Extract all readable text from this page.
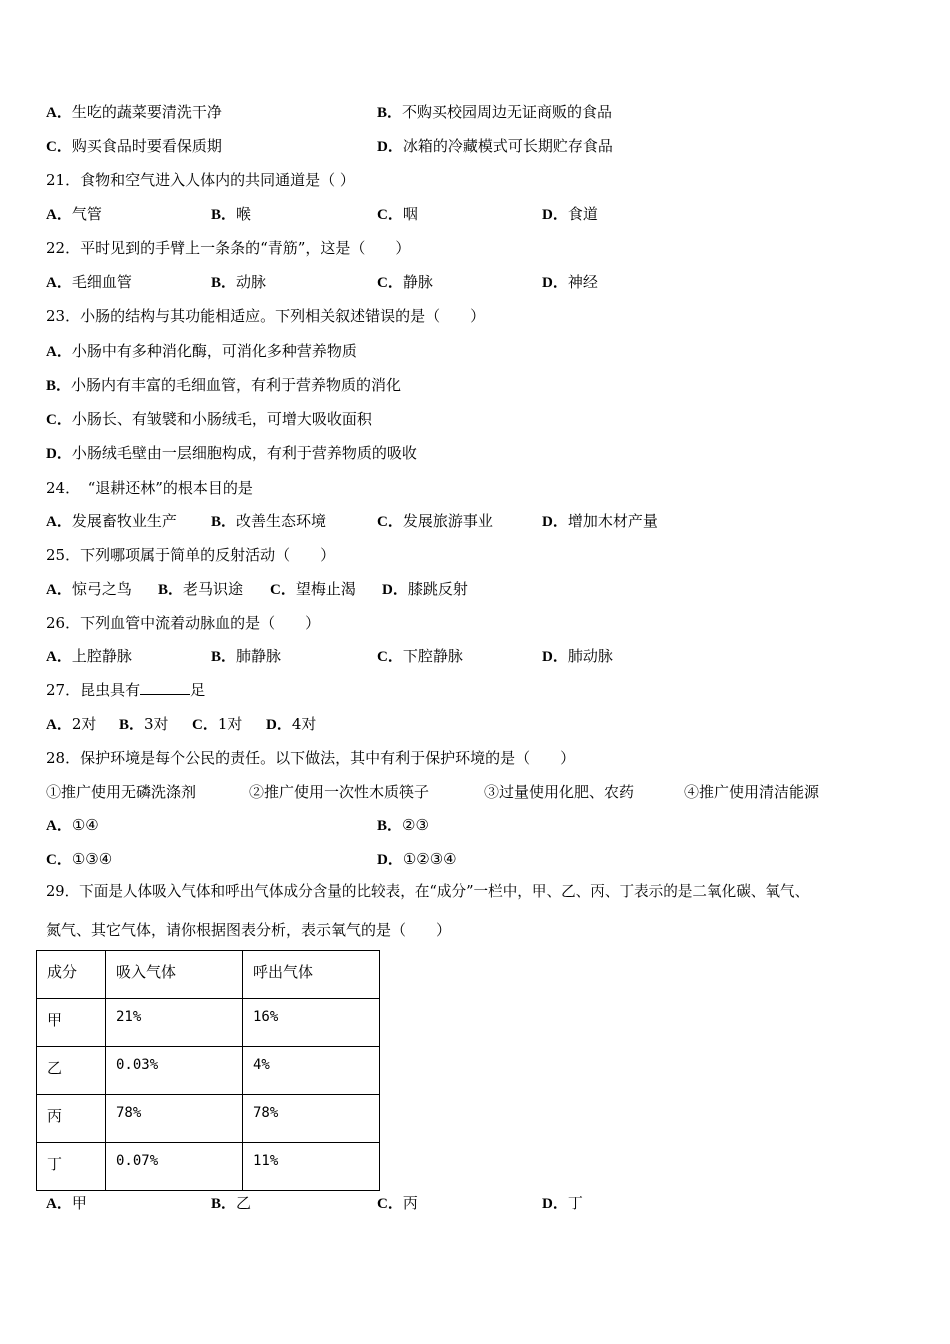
A．生吃的蔬菜要清洗干净	B．不购买校园周边无证商贩的食品
C．购买食品时要看保质期	D．冰箱的冷藏模式可长期贮存食品
21．食物和空气进入人体内的共同通道是（ ）
A．气管	B．喉	C．咽	D．食道
22．平时见到的手臂上一条条的“青筋”，这是（　　）
A．毛细血管	B．动脉	C．静脉	D．神经
23．小肠的结构与其功能相适应。下列相关叙述错误的是（　　）
A．小肠中有多种消化酶，可消化多种营养物质
B．小肠内有丰富的毛细血管，有利于营养物质的消化
C．小肠长、有皱襞和小肠绒毛，可增大吸收面积
D．小肠绒毛壁由一层细胞构成，有利于营养物质的吸收
24．　“退耕还林”的根本目的是
A．发展畜牧业生产 B．改善生态环境	C．发展旅游事业	D．增加木材产量
25．下列哪项属于简单的反射活动（　　）
A．惊弓之鸟 B．老马识途 C．望梅止渴 D．膝跳反射
26．下列血管中流着动脉血的是（　　）
A．上腔静脉	B．肺静脉	C．下腔静脉	D．肺动脉
27．昆虫具有	足
A．2对 B．3对 C．1对 D．4对
28．保护环境是每个公民的责任。以下做法，其中有利于保护环境的是（　　）
①推广使用无磷洗涤剂	②推广使用一次性木质筷子	③过量使用化肥、农药	④推广使用清洁能源
A．①④	B．②③
C．①③④	D．①②③④
29．下面是人体吸入气体和呼出气体成分含量的比较表，在“成分”一栏中，甲、乙、丙、丁表示的是二氧化碳、氧气、
氮气、其它气体，请你根据图表分析，表示氧气的是（　　）
成分	吸入气体	呼出气体
甲	21%	16%
乙	0.03%	4%
丙	78%	78%
丁	0.07%	11%
A．甲	B．乙	C．丙	D．丁
